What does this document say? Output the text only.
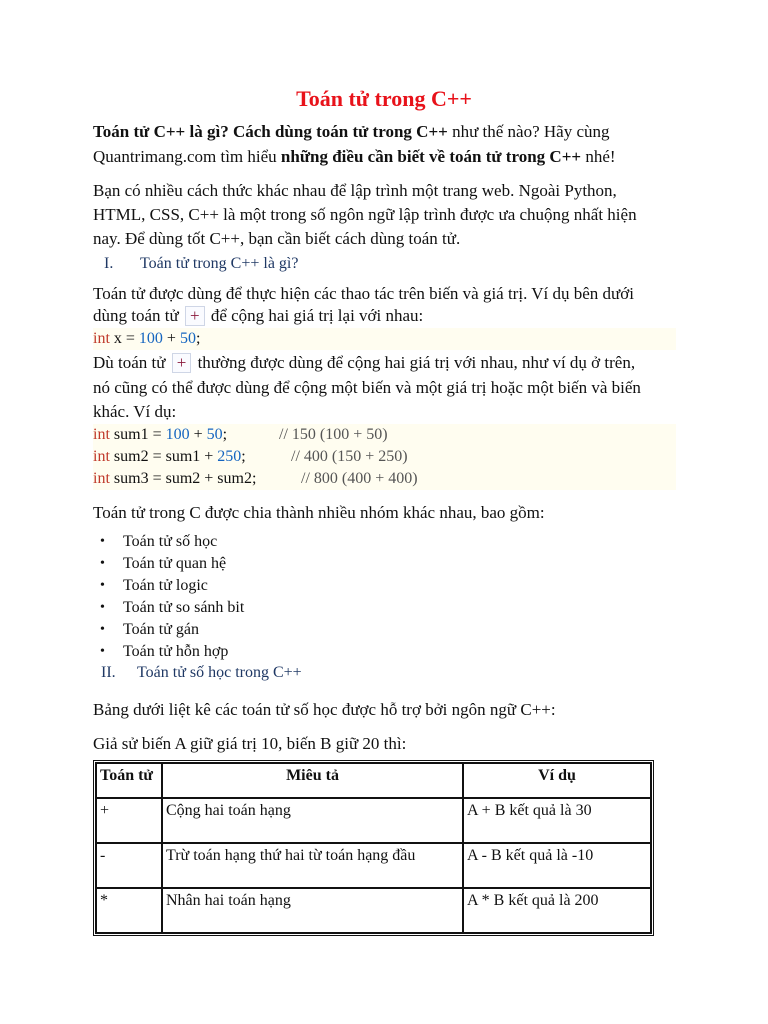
Toán tử trong C++
Toán tử C++ là gì? Cách dùng toán tử trong C++ như thế nào? Hãy cùng
Quantrimang.com tìm hiểu những điều cần biết về toán tử trong C++ nhé!
Bạn có nhiều cách thức khác nhau để lập trình một trang web. Ngoài Python,
HTML, CSS, C++ là một trong số ngôn ngữ lập trình được ưa chuộng nhất hiện
nay. Để dùng tốt C++, bạn cần biết cách dùng toán tử.
I. Toán tử trong C++ là gì?
Toán tử được dùng để thực hiện các thao tác trên biến và giá trị. Ví dụ bên dưới
dùng toán tử + để cộng hai giá trị lại với nhau:
int x = 100 + 50;
Dù toán tử + thường được dùng để cộng hai giá trị với nhau, như ví dụ ở trên,
nó cũng có thể được dùng để cộng một biến và một giá trị hoặc một biến và biến
khác. Ví dụ:
int sum1 = 100 + 50;	// 150 (100 + 50)
int sum2 = sum1 + 250;	// 400 (150 + 250)
int sum3 = sum2 + sum2;	// 800 (400 + 400)
Toán tử trong C được chia thành nhiều nhóm khác nhau, bao gồm:
• Toán tử số học
• Toán tử quan hệ
• Toán tử logic
• Toán tử so sánh bit
• Toán tử gán
• Toán tử hỗn hợp
II. Toán tử số học trong C++
Bảng dưới liệt kê các toán tử số học được hỗ trợ bởi ngôn ngữ C++:
Giả sử biến A giữ giá trị 10, biến B giữ 20 thì:
Toán tử	Miêu tả	Ví dụ
+	Cộng hai toán hạng	A + B kết quả là 30
-	Trừ toán hạng thứ hai từ toán hạng đầu	A - B kết quả là -10
*	Nhân hai toán hạng	A * B kết quả là 200
